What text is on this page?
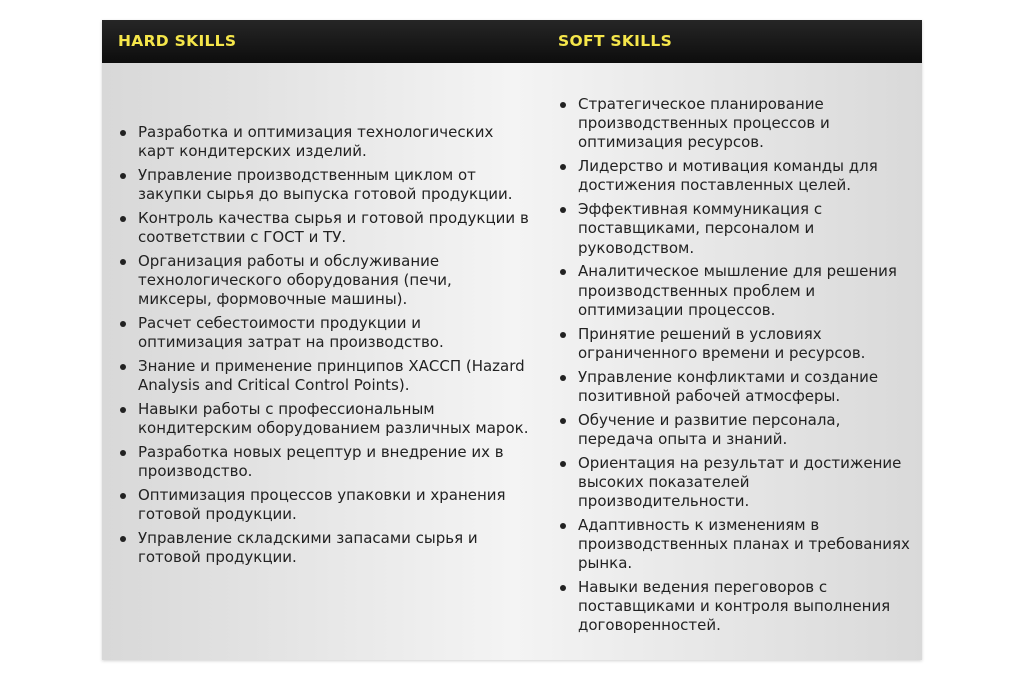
HARD SKILLS	SOFT SKILLS
Разработка и оптимизация технологических карт кондитерских изделий.
Управление производственным циклом от закупки сырья до выпуска готовой продукции.
Контроль качества сырья и готовой продукции в соответствии с ГОСТ и ТУ.
Организация работы и обслуживание технологического оборудования (печи, миксеры, формовочные машины).
Расчет себестоимости продукции и оптимизация затрат на производство.
Знание и применение принципов ХАССП (Hazard Analysis and Critical Control Points).
Навыки работы с профессиональным кондитерским оборудованием различных марок.
Разработка новых рецептур и внедрение их в производство.
Оптимизация процессов упаковки и хранения готовой продукции.
Управление складскими запасами сырья и готовой продукции.
Стратегическое планирование производственных процессов и оптимизация ресурсов.
Лидерство и мотивация команды для достижения поставленных целей.
Эффективная коммуникация с поставщиками, персоналом и руководством.
Аналитическое мышление для решения производственных проблем и оптимизации процессов.
Принятие решений в условиях ограниченного времени и ресурсов.
Управление конфликтами и создание позитивной рабочей атмосферы.
Обучение и развитие персонала, передача опыта и знаний.
Ориентация на результат и достижение высоких показателей производительности.
Адаптивность к изменениям в производственных планах и требованиях рынка.
Навыки ведения переговоров с поставщиками и контроля выполнения договоренностей.
